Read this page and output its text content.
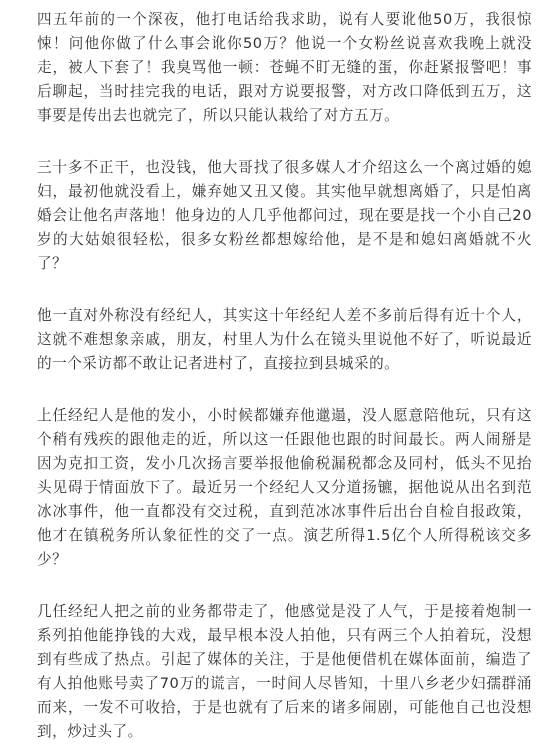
四五年前的一个深夜，他打电话给我求助，说有人要讹他50万，我很惊悚！问他你做了什么事会讹你50万？他说一个女粉丝说喜欢我晚上就没走，被人下套了！我臭骂他一顿：苍蝇不盯无缝的蛋，你赶紧报警吧！事后聊起，当时挂完我的电话，跟对方说要报警，对方改口降低到五万，这事要是传出去也就完了，所以只能认栽给了对方五万。

三十多不正干，也没钱，他大哥找了很多媒人才介绍这么一个离过婚的媳妇，最初他就没看上，嫌弃她又丑又傻。其实他早就想离婚了，只是怕离婚会让他名声落地！他身边的人几乎他都问过，现在要是找一个小自己20岁的大姑娘很轻松，很多女粉丝都想嫁给他，是不是和媳妇离婚就不火了？

他一直对外称没有经纪人，其实这十年经纪人差不多前后得有近十个人，这就不难想象亲戚，朋友，村里人为什么在镜头里说他不好了，听说最近的一个采访都不敢让记者进村了，直接拉到县城采的。

上任经纪人是他的发小，小时候都嫌弃他邋遢，没人愿意陪他玩，只有这个稍有残疾的跟他走的近，所以这一任跟他也跟的时间最长。两人闹掰是因为克扣工资，发小几次扬言要举报他偷税漏税都念及同村，低头不见抬头见碍于情面放下了。最近另一个经纪人又分道扬镳，据他说从出名到范冰冰事件，他一直都没有交过税，直到范冰冰事件后出台自检自报政策，他才在镇税务所认象征性的交了一点。演艺所得1.5亿个人所得税该交多少？

几任经纪人把之前的业务都带走了，他感觉是没了人气，于是接着炮制一系列拍他能挣钱的大戏，最早根本没人拍他，只有两三个人拍着玩，没想到有些成了热点。引起了媒体的关注，于是他便借机在媒体面前，编造了有人拍他账号卖了70万的谎言，一时间人尽皆知，十里八乡老少妇孺群涌而来，一发不可收拾，于是也就有了后来的诸多闹剧，可能他自己也没想到，炒过头了。
